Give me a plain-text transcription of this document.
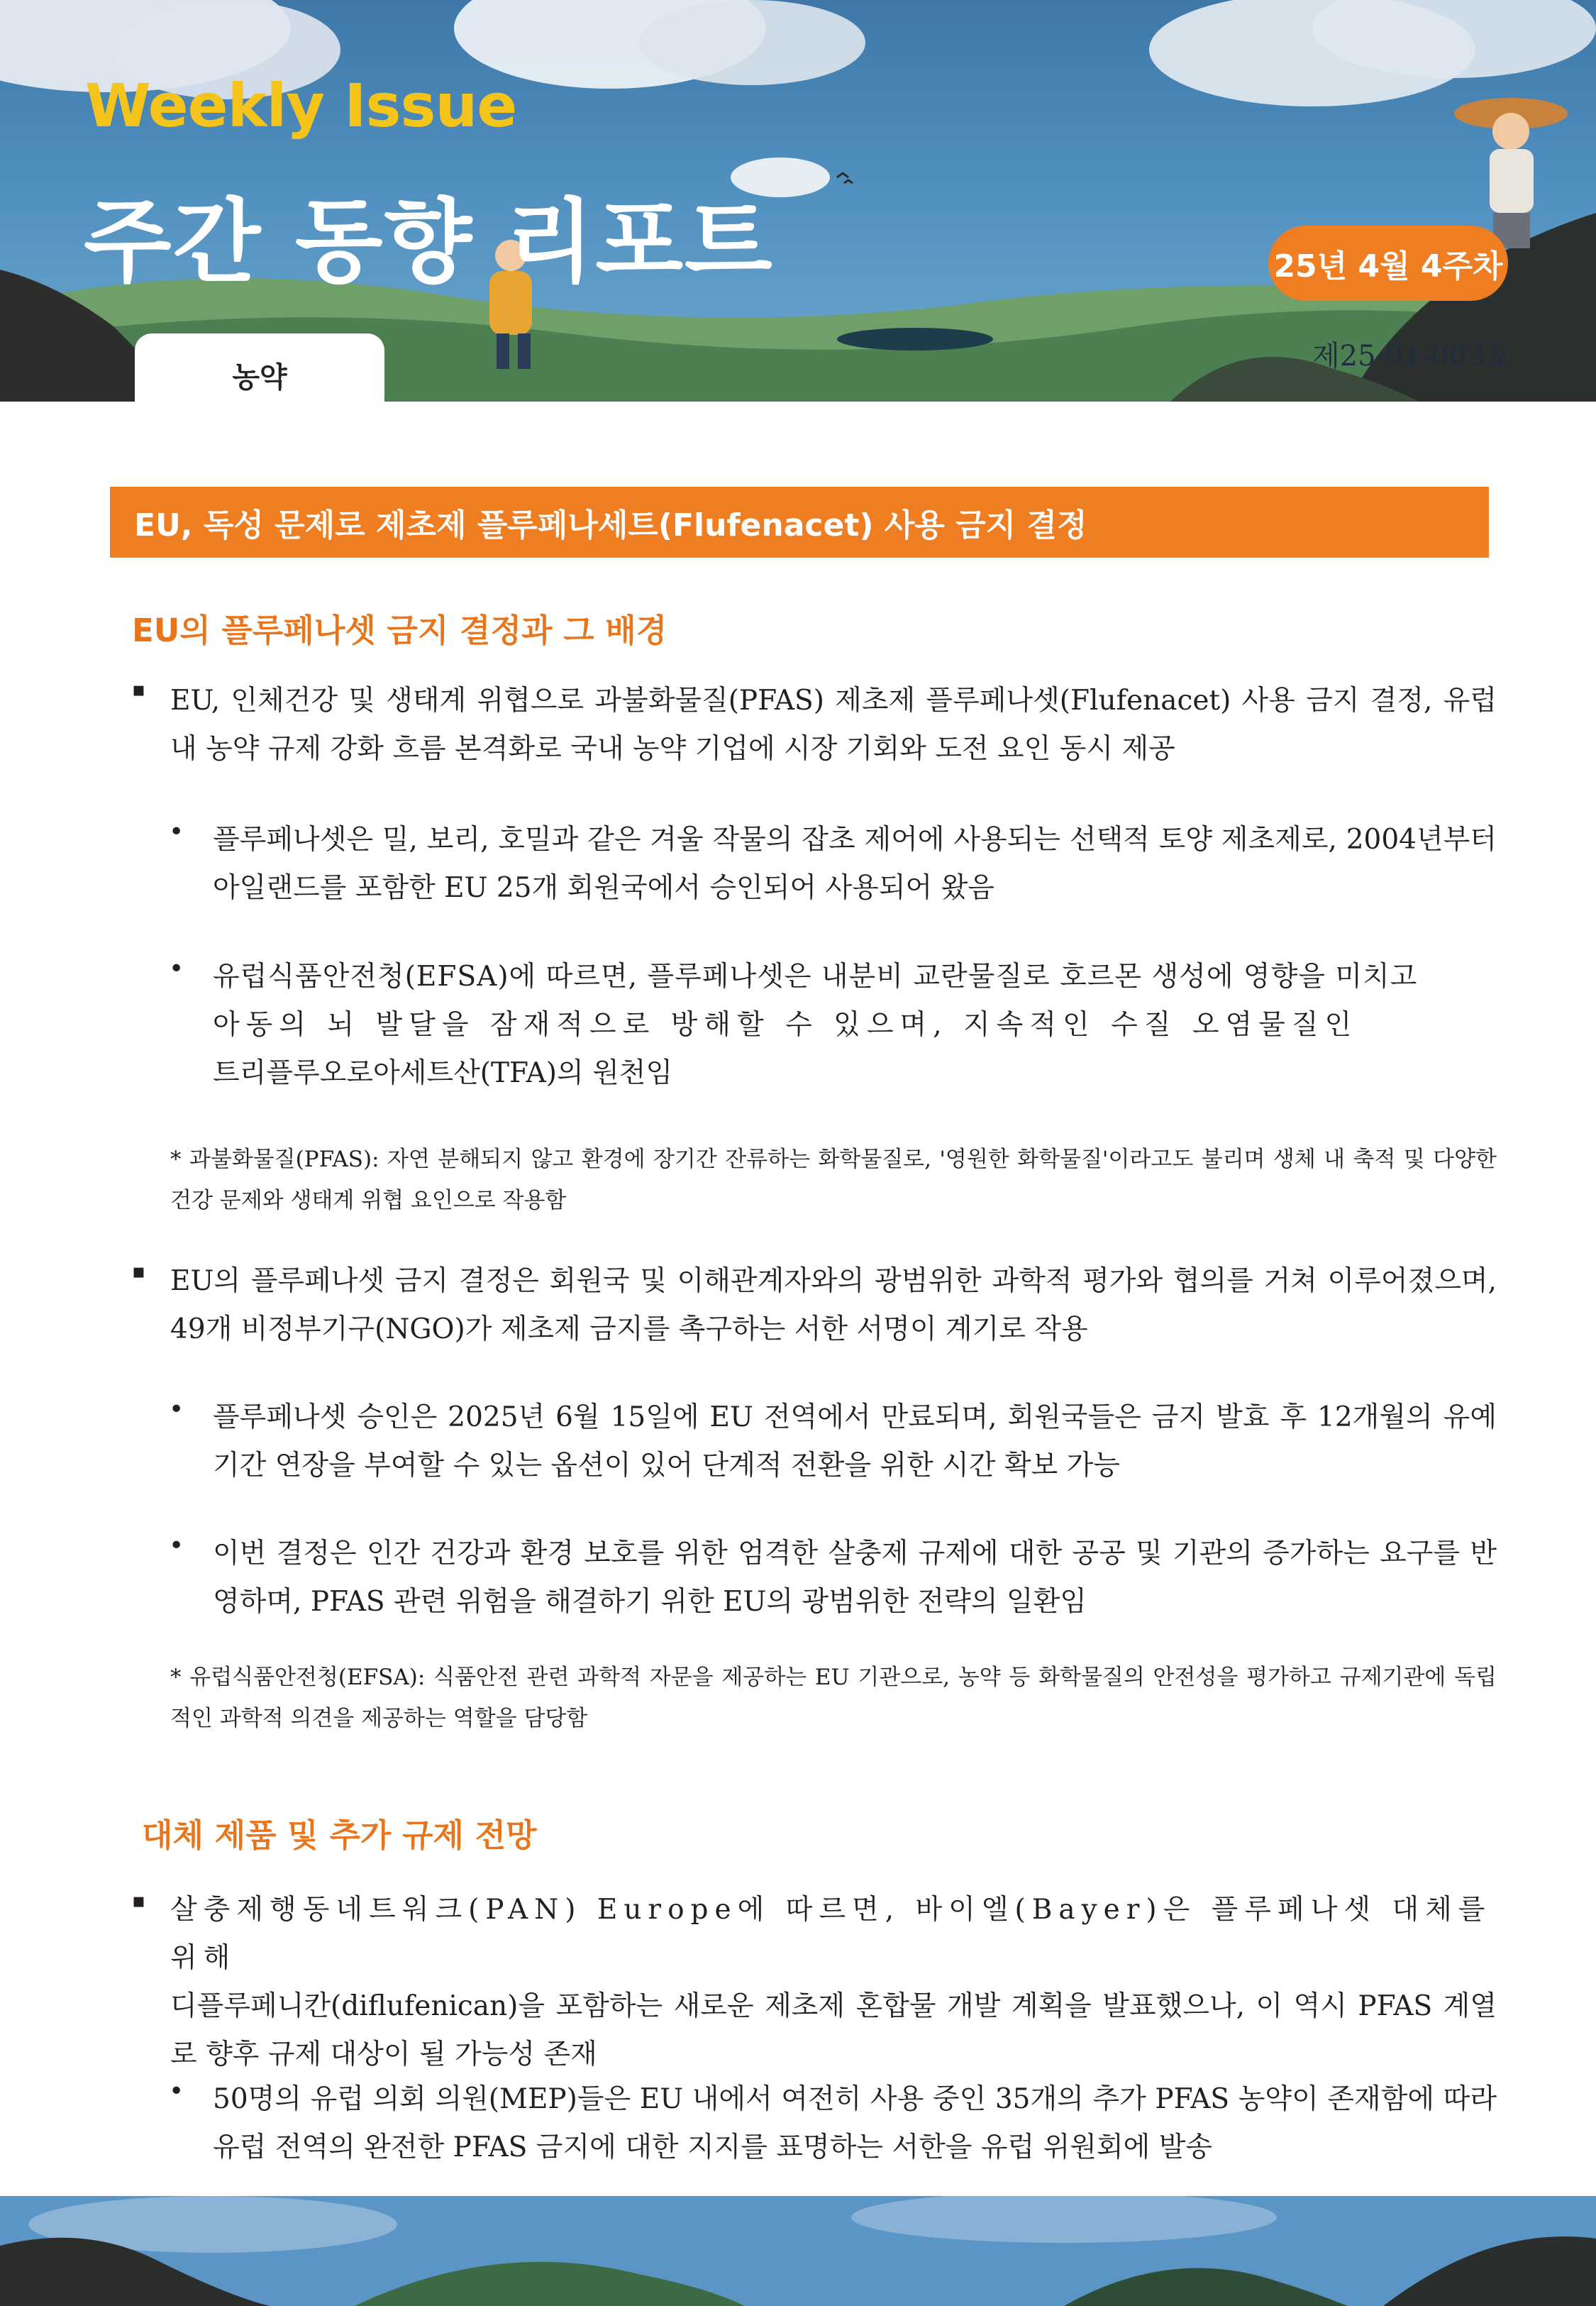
Weekly Issue
주간 동향 리포트	25년 4월 4주차
제25-01-003호
농약
EU, 독성 문제로 제초제 플루페나세트(Flufenacet) 사용 금지 결정
EU의 플루페나셋 금지 결정과 그 배경
▪ EU, 인체건강 및 생태계 위협으로 과불화물질(PFAS) 제초제 플루페나셋(Flufenacet) 사용 금지 결정, 유럽 내 농약 규제 강화 흐름 본격화로 국내 농약 기업에 시장 기회와 도전 요인 동시 제공
• 플루페나셋은 밀, 보리, 호밀과 같은 겨울 작물의 잡초 제어에 사용되는 선택적 토양 제초제로, 2004년부터 아일랜드를 포함한 EU 25개 회원국에서 승인되어 사용되어 왔음
• 유럽식품안전청(EFSA)에 따르면, 플루페나셋은 내분비 교란물질로 호르몬 생성에 영향을 미치고
아동의 뇌 발달을 잠재적으로 방해할 수 있으며, 지속적인 수질 오염물질인
트리플루오로아세트산(TFA)의 원천임
* 과불화물질(PFAS): 자연 분해되지 않고 환경에 장기간 잔류하는 화학물질로, '영원한 화학물질'이라고도 불리며 생체 내 축적 및 다양한 건강 문제와 생태계 위협 요인으로 작용함
▪ EU의 플루페나셋 금지 결정은 회원국 및 이해관계자와의 광범위한 과학적 평가와 협의를 거쳐 이루어졌으며, 49개 비정부기구(NGO)가 제초제 금지를 촉구하는 서한 서명이 계기로 작용
• 플루페나셋 승인은 2025년 6월 15일에 EU 전역에서 만료되며, 회원국들은 금지 발효 후 12개월의 유예 기간 연장을 부여할 수 있는 옵션이 있어 단계적 전환을 위한 시간 확보 가능
• 이번 결정은 인간 건강과 환경 보호를 위한 엄격한 살충제 규제에 대한 공공 및 기관의 증가하는 요구를 반영하며, PFAS 관련 위험을 해결하기 위한 EU의 광범위한 전략의 일환임
* 유럽식품안전청(EFSA): 식품안전 관련 과학적 자문을 제공하는 EU 기관으로, 농약 등 화학물질의 안전성을 평가하고 규제기관에 독립적인 과학적 의견을 제공하는 역할을 담당함
대체 제품 및 추가 규제 전망
▪ 살충제행동네트워크(PAN) Europe에 따르면, 바이엘(Bayer)은 플루페나셋 대체를 위해
디플루페니칸(diflufenican)을 포함하는 새로운 제초제 혼합물 개발 계획을 발표했으나, 이 역시 PFAS 계열로 향후 규제 대상이 될 가능성 존재
• 50명의 유럽 의회 의원(MEP)들은 EU 내에서 여전히 사용 중인 35개의 추가 PFAS 농약이 존재함에 따라 유럽 전역의 완전한 PFAS 금지에 대한 지지를 표명하는 서한을 유럽 위원회에 발송
